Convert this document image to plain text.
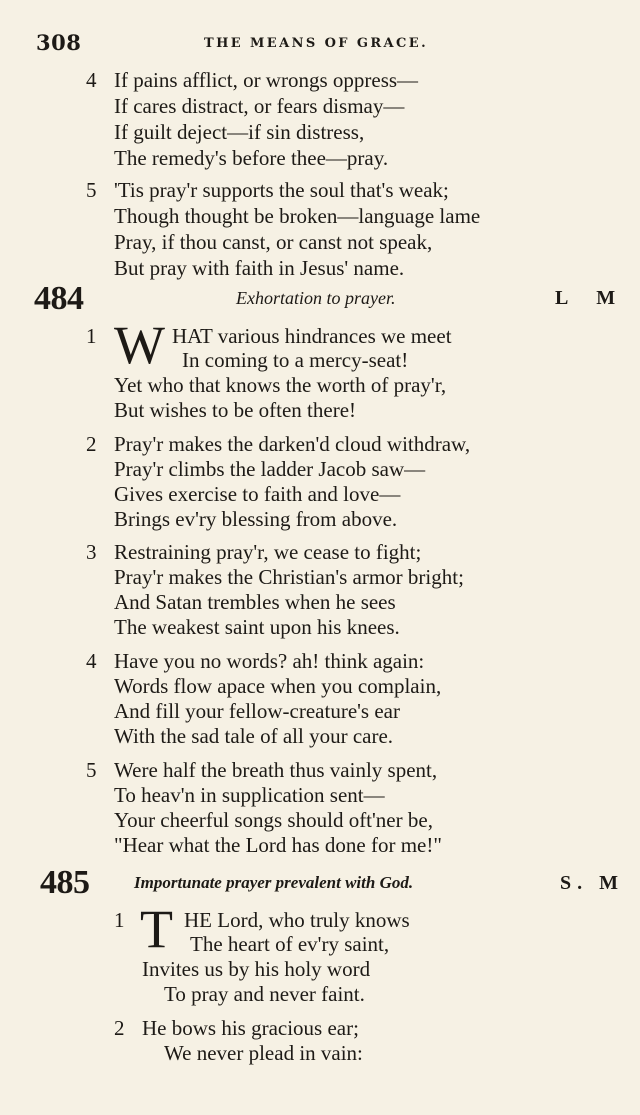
308	THE MEANS OF GRACE.
4 If pains afflict, or wrongs oppress—
If cares distract, or fears dismay—
If guilt deject—if sin distress,
The remedy's before thee—pray.
5 'Tis pray'r supports the soul that's weak;
Though thought be broken—language lame
Pray, if thou canst, or canst not speak,
But pray with faith in Jesus' name.
484	Exhortation to prayer.	L M
1 W HAT various hindrances we meet
In coming to a mercy-seat!
Yet who that knows the worth of pray'r,
But wishes to be often there!
2 Pray'r makes the darken'd cloud withdraw,
Pray'r climbs the ladder Jacob saw—
Gives exercise to faith and love—
Brings ev'ry blessing from above.
3 Restraining pray'r, we cease to fight;
Pray'r makes the Christian's armor bright;
And Satan trembles when he sees
The weakest saint upon his knees.
4 Have you no words? ah! think again:
Words flow apace when you complain,
And fill your fellow-creature's ear
With the sad tale of all your care.
5 Were half the breath thus vainly spent,
To heav'n in supplication sent—
Your cheerful songs should oft'ner be,
"Hear what the Lord has done for me!"
485	Importunate prayer prevalent with God.	S. M
1 T HE Lord, who truly knows
The heart of ev'ry saint,
Invites us by his holy word
To pray and never faint.
2 He bows his gracious ear;
We never plead in vain:
